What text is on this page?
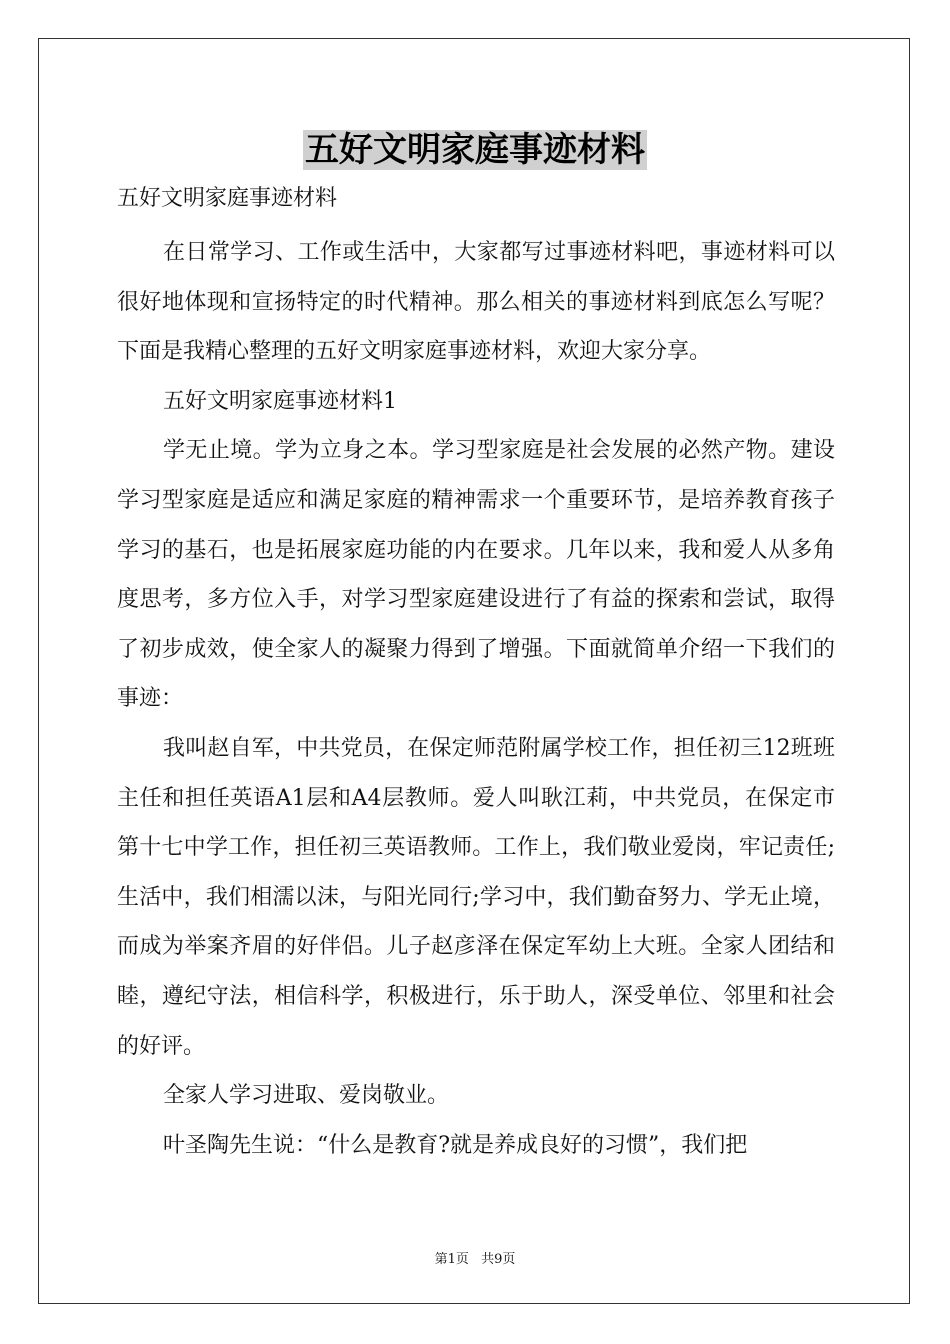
五好文明家庭事迹材料

五好文明家庭事迹材料

在日常学习、工作或生活中，大家都写过事迹材料吧，事迹材料可以很好地体现和宣扬特定的时代精神。那么相关的事迹材料到底怎么写呢？下面是我精心整理的五好文明家庭事迹材料，欢迎大家分享。

五好文明家庭事迹材料1

学无止境。学为立身之本。学习型家庭是社会发展的必然产物。建设学习型家庭是适应和满足家庭的精神需求一个重要环节，是培养教育孩子学习的基石，也是拓展家庭功能的内在要求。几年以来，我和爱人从多角度思考，多方位入手，对学习型家庭建设进行了有益的探索和尝试，取得了初步成效，使全家人的凝聚力得到了增强。下面就简单介绍一下我们的事迹：

我叫赵自军，中共党员，在保定师范附属学校工作，担任初三12班班主任和担任英语A1层和A4层教师。爱人叫耿江莉，中共党员，在保定市第十七中学工作，担任初三英语教师。工作上，我们敬业爱岗，牢记责任;生活中，我们相濡以沫，与阳光同行;学习中，我们勤奋努力、学无止境，而成为举案齐眉的好伴侣。儿子赵彦泽在保定军幼上大班。全家人团结和睦，遵纪守法，相信科学，积极进行，乐于助人，深受单位、邻里和社会的好评。

全家人学习进取、爱岗敬业。

叶圣陶先生说：“什么是教育?就是养成良好的习惯”，我们把

第1页 共9页
